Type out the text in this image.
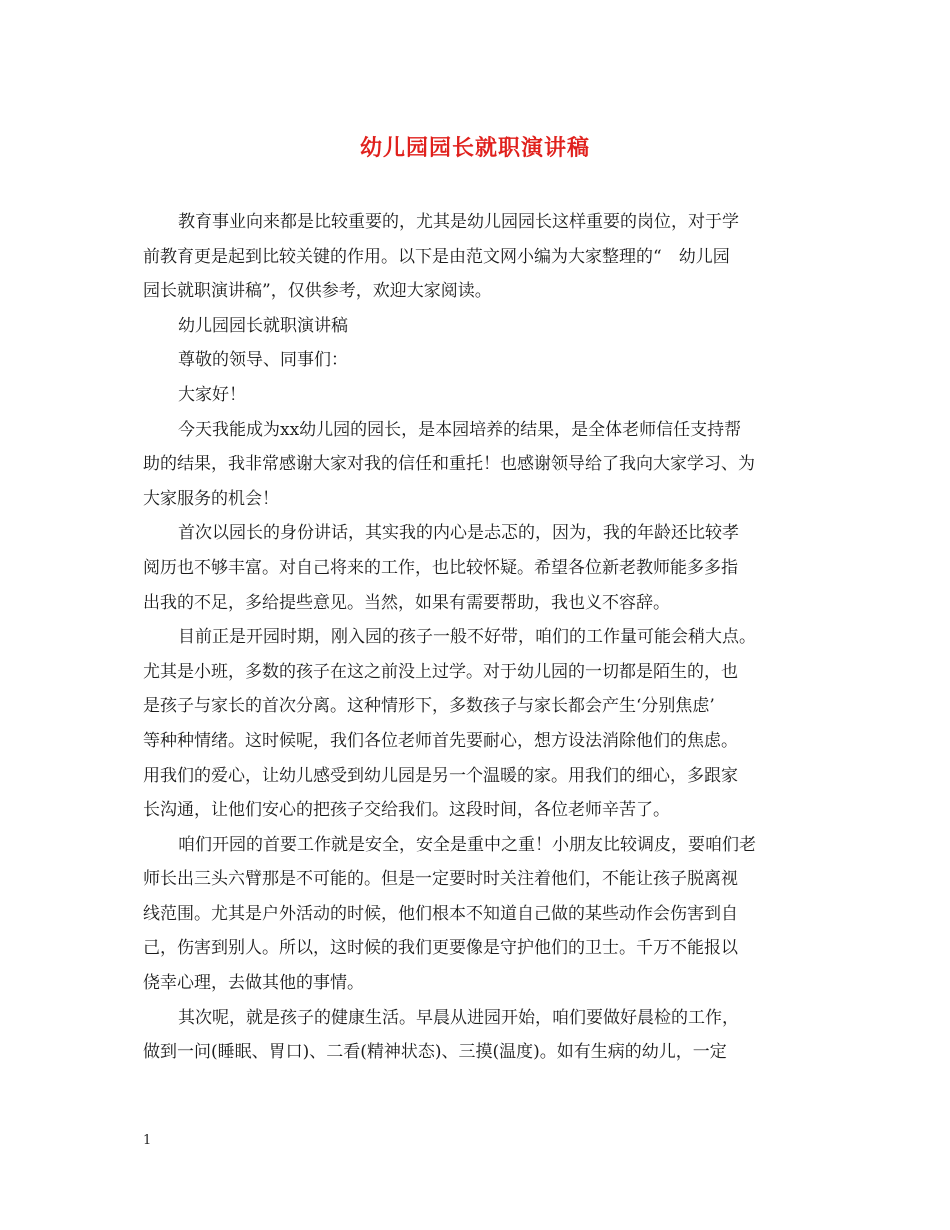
幼儿园园长就职演讲稿

教育事业向来都是比较重要的，尤其是幼儿园园长这样重要的岗位，对于学
前教育更是起到比较关键的作用。以下是由范文网小编为大家整理的“　幼儿园
园长就职演讲稿”，仅供参考，欢迎大家阅读。

幼儿园园长就职演讲稿

尊敬的领导、同事们：

大家好！

今天我能成为xx幼儿园的园长，是本园培养的结果，是全体老师信任支持帮
助的结果，我非常感谢大家对我的信任和重托！也感谢领导给了我向大家学习、为
大家服务的机会！

首次以园长的身份讲话，其实我的内心是忐忑的，因为，我的年龄还比较孝
阅历也不够丰富。对自己将来的工作，也比较怀疑。希望各位新老教师能多多指
出我的不足，多给提些意见。当然，如果有需要帮助，我也义不容辞。

目前正是开园时期，刚入园的孩子一般不好带，咱们的工作量可能会稍大点。
尤其是小班，多数的孩子在这之前没上过学。对于幼儿园的一切都是陌生的，也
是孩子与家长的首次分离。这种情形下，多数孩子与家长都会产生‘分别焦虑’
等种种情绪。这时候呢，我们各位老师首先要耐心，想方设法消除他们的焦虑。
用我们的爱心，让幼儿感受到幼儿园是另一个温暖的家。用我们的细心，多跟家
长沟通，让他们安心的把孩子交给我们。这段时间，各位老师辛苦了。

咱们开园的首要工作就是安全，安全是重中之重！小朋友比较调皮，要咱们老
师长出三头六臂那是不可能的。但是一定要时时关注着他们，不能让孩子脱离视
线范围。尤其是户外活动的时候，他们根本不知道自己做的某些动作会伤害到自
己，伤害到别人。所以，这时候的我们更要像是守护他们的卫士。千万不能报以
侥幸心理，去做其他的事情。

其次呢，就是孩子的健康生活。早晨从进园开始，咱们要做好晨检的工作，
做到一问(睡眠、胃口)、二看(精神状态)、三摸(温度)。如有生病的幼儿，一定

1
